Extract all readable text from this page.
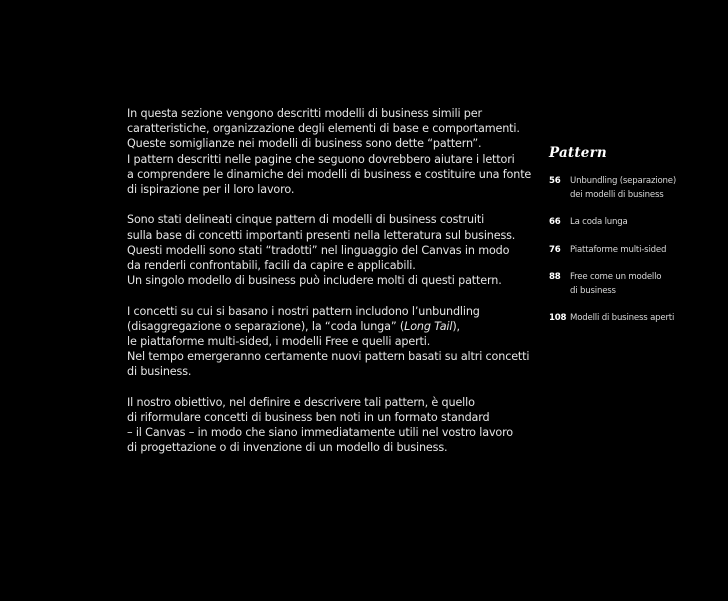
In questa sezione vengono descritti modelli di business simili per
caratteristiche, organizzazione degli elementi di base e comportamenti.
Queste somiglianze nei modelli di business sono dette “pattern”.
I pattern descritti nelle pagine che seguono dovrebbero aiutare i lettori
a comprendere le dinamiche dei modelli di business e costituire una fonte
di ispirazione per il loro lavoro.

Sono stati delineati cinque pattern di modelli di business costruiti
sulla base di concetti importanti presenti nella letteratura sul business.
Questi modelli sono stati “tradotti” nel linguaggio del Canvas in modo
da renderli confrontabili, facili da capire e applicabili.
Un singolo modello di business può includere molti di questi pattern.

I concetti su cui si basano i nostri pattern includono l’unbundling
(disaggregazione o separazione), la “coda lunga” (Long Tail),
le piattaforme multi-sided, i modelli Free e quelli aperti.
Nel tempo emergeranno certamente nuovi pattern basati su altri concetti
di business.

Il nostro obiettivo, nel definire e descrivere tali pattern, è quello
di riformulare concetti di business ben noti in un formato standard
– il Canvas – in modo che siano immediatamente utili nel vostro lavoro
di progettazione o di invenzione di un modello di business.

Pattern
56	Unbundling (separazione)
dei modelli di business
66	La coda lunga
76	Piattaforme multi-sided
88	Free come un modello
di business
108 Modelli di business aperti
